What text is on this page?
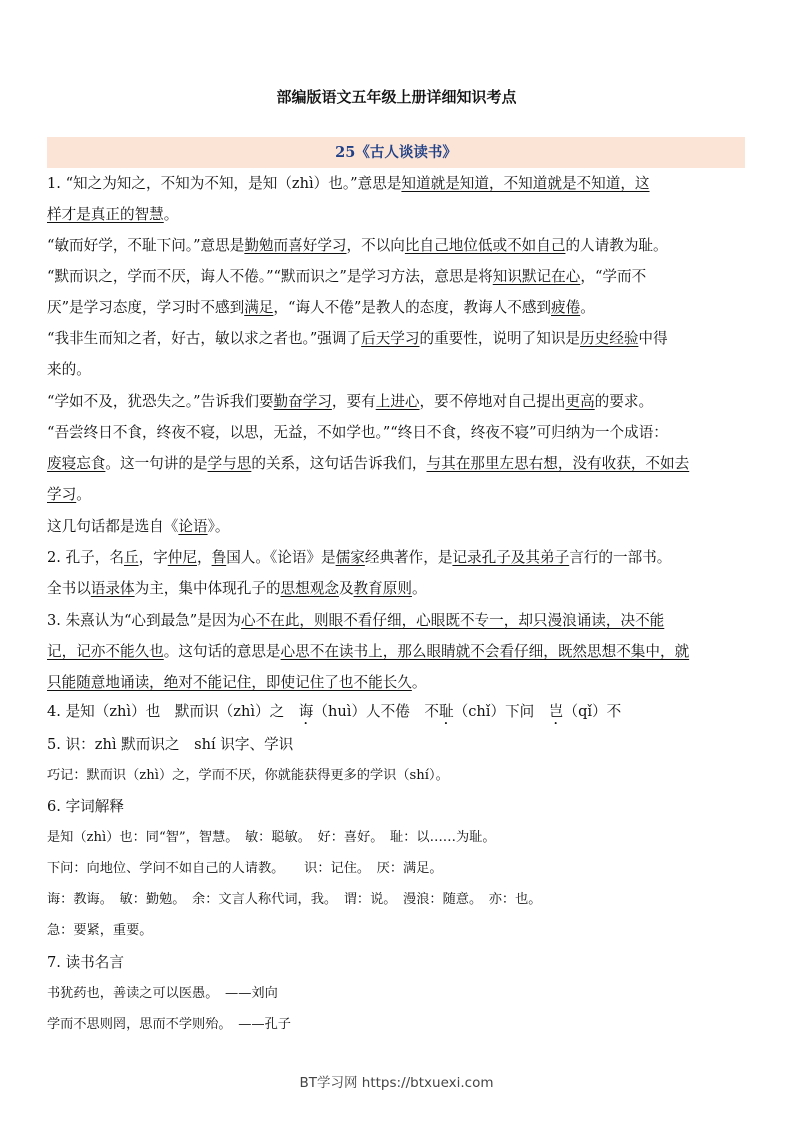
部编版语文五年级上册详细知识考点
25《古人谈读书》
1. “知之为知之，不知为不知，是知（zhì）也。”意思是知道就是知道，不知道就是不知道，这
样才是真正的智慧。
“敏而好学，不耻下问。”意思是勤勉而喜好学习，不以向比自己地位低或不如自己的人请教为耻。
“默而识之，学而不厌，诲人不倦。”“默而识之”是学习方法，意思是将知识默记在心，“学而不
厌”是学习态度，学习时不感到满足，“诲人不倦”是教人的态度，教诲人不感到疲倦。
“我非生而知之者，好古，敏以求之者也。”强调了后天学习的重要性，说明了知识是历史经验中得
来的。
“学如不及，犹恐失之。”告诉我们要勤奋学习，要有上进心，要不停地对自己提出更高的要求。
“吾尝终日不食，终夜不寝，以思，无益，不如学也。”“终日不食，终夜不寝”可归纳为一个成语：
废寝忘食。这一句讲的是学与思的关系，这句话告诉我们，与其在那里左思右想，没有收获，不如去
学习。
这几句话都是选自《论语》。
2. 孔子，名丘，字仲尼，鲁国人。《论语》是儒家经典著作，是记录孔子及其弟子言行的一部书。
全书以语录体为主，集中体现孔子的思想观念及教育原则。
3. 朱熹认为“心到最急”是因为心不在此，则眼不看仔细，心眼既不专一，却只漫浪诵读，决不能
记，记亦不能久也。这句话的意思是心思不在读书上，那么眼睛就不会看仔细，既然思想不集中，就
只能随意地诵读，绝对不能记住，即使记住了也不能长久。
4. 是知（zhì）也　默而识（zhì）之　诲（huì）人不倦　不耻（chǐ）下问　岂（qǐ）不
5. 识：zhì 默而识之　shí 识字、学识
巧记：默而识（zhì）之，学而不厌，你就能获得更多的学识（shí）。
6. 字词解释
是知（zhì）也：同“智”，智慧。　敏：聪敏。　好：喜好。　耻：以……为耻。
下问：向地位、学问不如自己的人请教。　　识：记住。　厌：满足。
诲：教诲。　敏：勤勉。　余：文言人称代词，我。　谓：说。　漫浪：随意。　亦：也。
急：要紧，重要。
7. 读书名言
书犹药也，善读之可以医愚。　——刘向
学而不思则罔，思而不学则殆。　——孔子
BT学习网 https://btxuexi.com
